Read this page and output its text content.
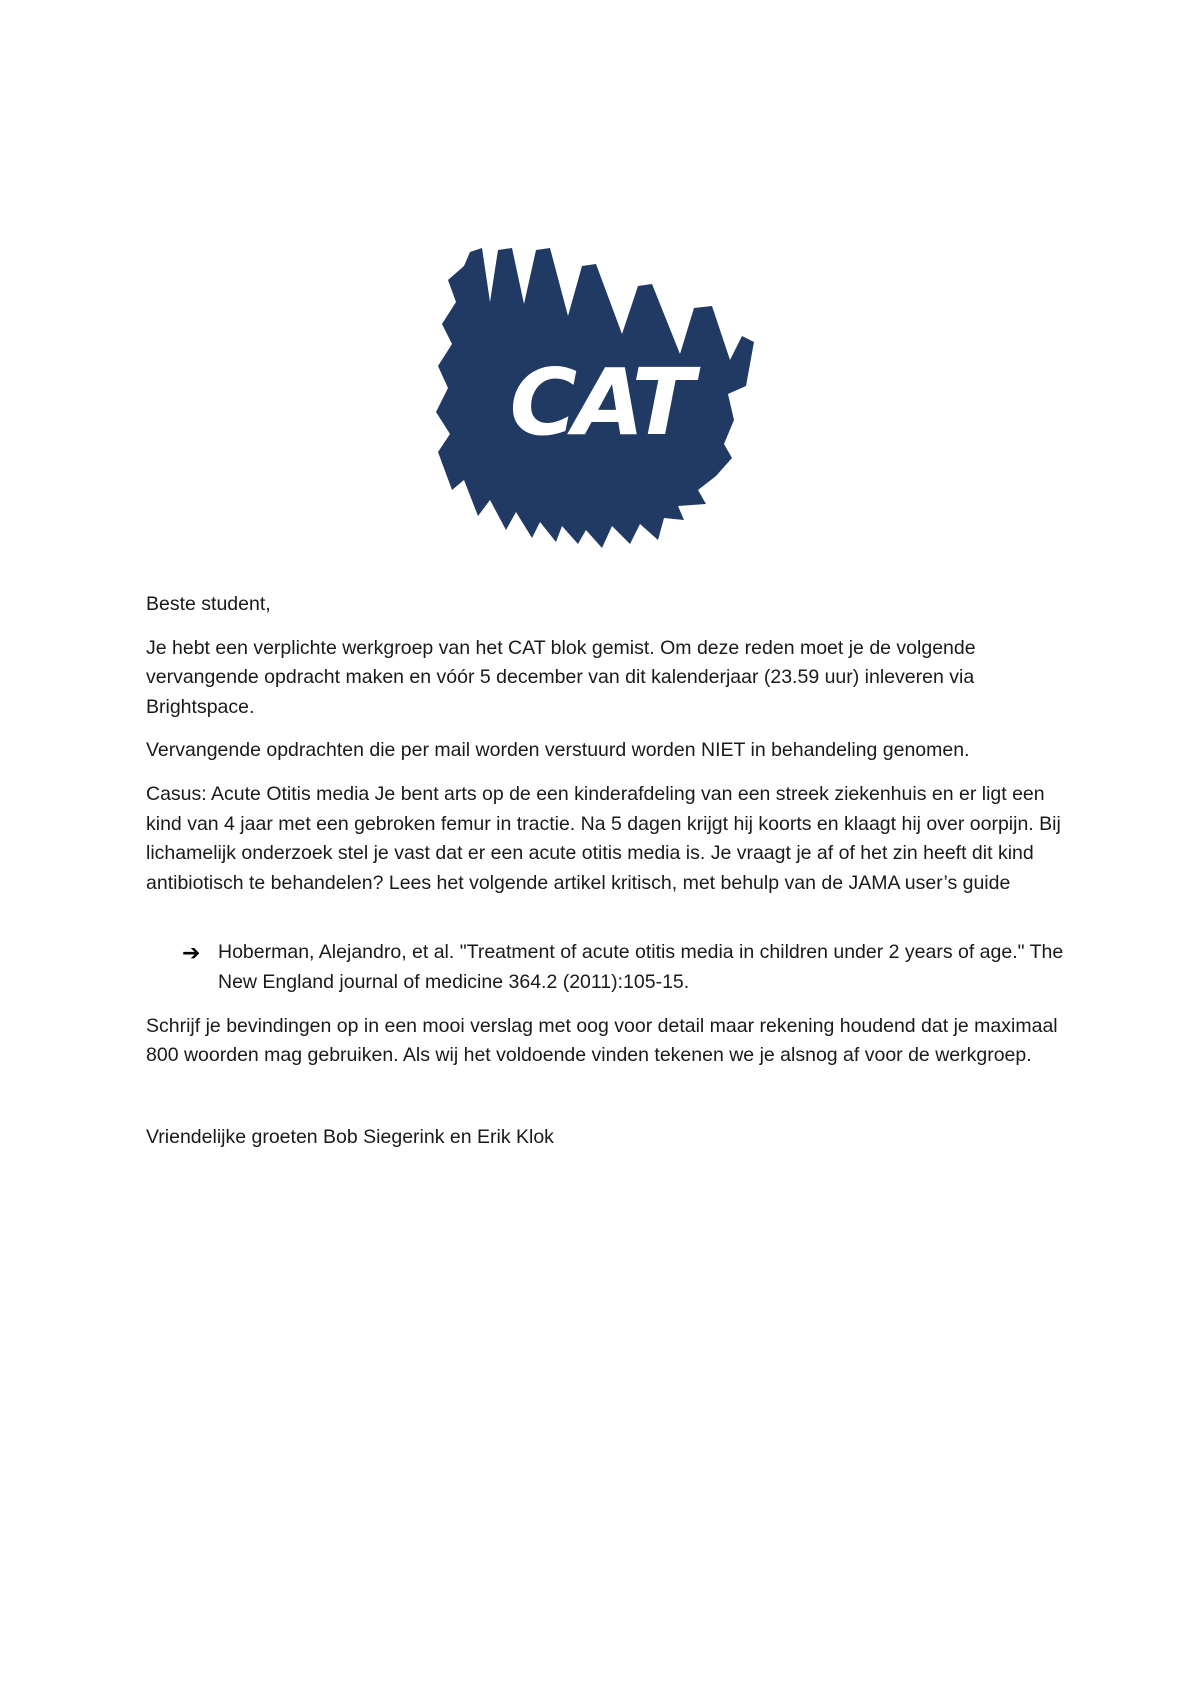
CAT

Beste student,

Je hebt een verplichte werkgroep van het CAT blok gemist. Om deze reden moet je de volgende vervangende opdracht maken en vóór 5 december van dit kalenderjaar (23.59 uur) inleveren via Brightspace.

Vervangende opdrachten die per mail worden verstuurd worden NIET in behandeling genomen.

Casus: Acute Otitis media Je bent arts op de een kinderafdeling van een streek ziekenhuis en er ligt een kind van 4 jaar met een gebroken femur in tractie. Na 5 dagen krijgt hij koorts en klaagt hij over oorpijn. Bij lichamelijk onderzoek stel je vast dat er een acute otitis media is. Je vraagt je af of het zin heeft dit kind antibiotisch te behandelen? Lees het volgende artikel kritisch, met behulp van de JAMA user’s guide

➔ Hoberman, Alejandro, et al. "Treatment of acute otitis media in children under 2 years of age." The New England journal of medicine 364.2 (2011):105-15.

Schrijf je bevindingen op in een mooi verslag met oog voor detail maar rekening houdend dat je maximaal 800 woorden mag gebruiken. Als wij het voldoende vinden tekenen we je alsnog af voor de werkgroep.

Vriendelijke groeten Bob Siegerink en Erik Klok
